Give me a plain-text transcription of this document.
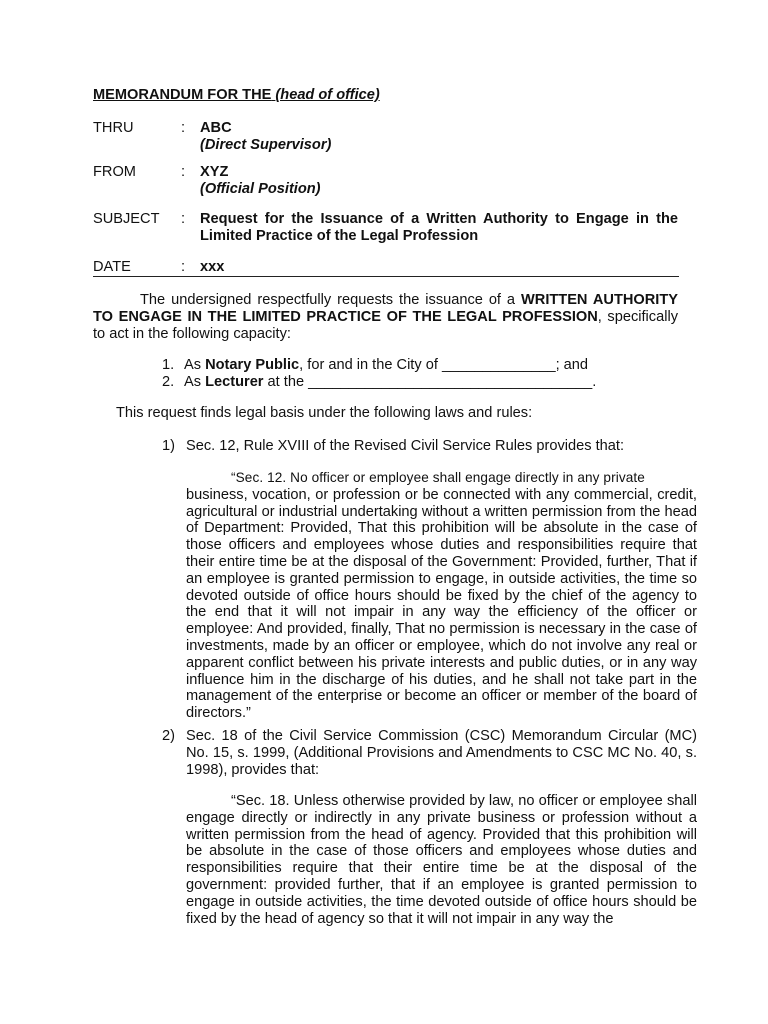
MEMORANDUM FOR THE (head of office)
THRU	: ABC
(Direct Supervisor)
FROM	: XYZ
(Official Position)
SUBJECT : Request for the Issuance of a Written Authority to Engage in the Limited Practice of the Legal Profession
DATE	: xxx
The undersigned respectfully requests the issuance of a WRITTEN AUTHORITY TO ENGAGE IN THE LIMITED PRACTICE OF THE LEGAL PROFESSION, specifically to act in the following capacity:
1. As Notary Public, for and in the City of ______________; and
2. As Lecturer at the ___________________________________.
This request finds legal basis under the following laws and rules:
1) Sec. 12, Rule XVIII of the Revised Civil Service Rules provides that:
“Sec. 12. No officer or employee shall engage directly in any private
business, vocation, or profession or be connected with any commercial, credit, agricultural or industrial undertaking without a written permission from the head of Department: Provided, That this prohibition will be absolute in the case of those officers and employees whose duties and responsibilities require that their entire time be at the disposal of the Government: Provided, further, That if an employee is granted permission to engage, in outside activities, the time so devoted outside of office hours should be fixed by the chief of the agency to the end that it will not impair in any way the efficiency of the officer or employee: And provided, finally, That no permission is necessary in the case of investments, made by an officer or employee, which do not involve any real or apparent conflict between his private interests and public duties, or in any way influence him in the discharge of his duties, and he shall not take part in the management of the enterprise or become an officer or member of the board of directors.”
2) Sec. 18 of the Civil Service Commission (CSC) Memorandum Circular (MC) No. 15, s. 1999, (Additional Provisions and Amendments to CSC MC No. 40, s. 1998), provides that:
“Sec. 18. Unless otherwise provided by law, no officer or employee shall engage directly or indirectly in any private business or profession without a written permission from the head of agency. Provided that this prohibition will be absolute in the case of those officers and employees whose duties and responsibilities require that their entire time be at the disposal of the government: provided further, that if an employee is granted permission to engage in outside activities, the time devoted outside of office hours should be fixed by the head of agency so that it will not impair in any way the
